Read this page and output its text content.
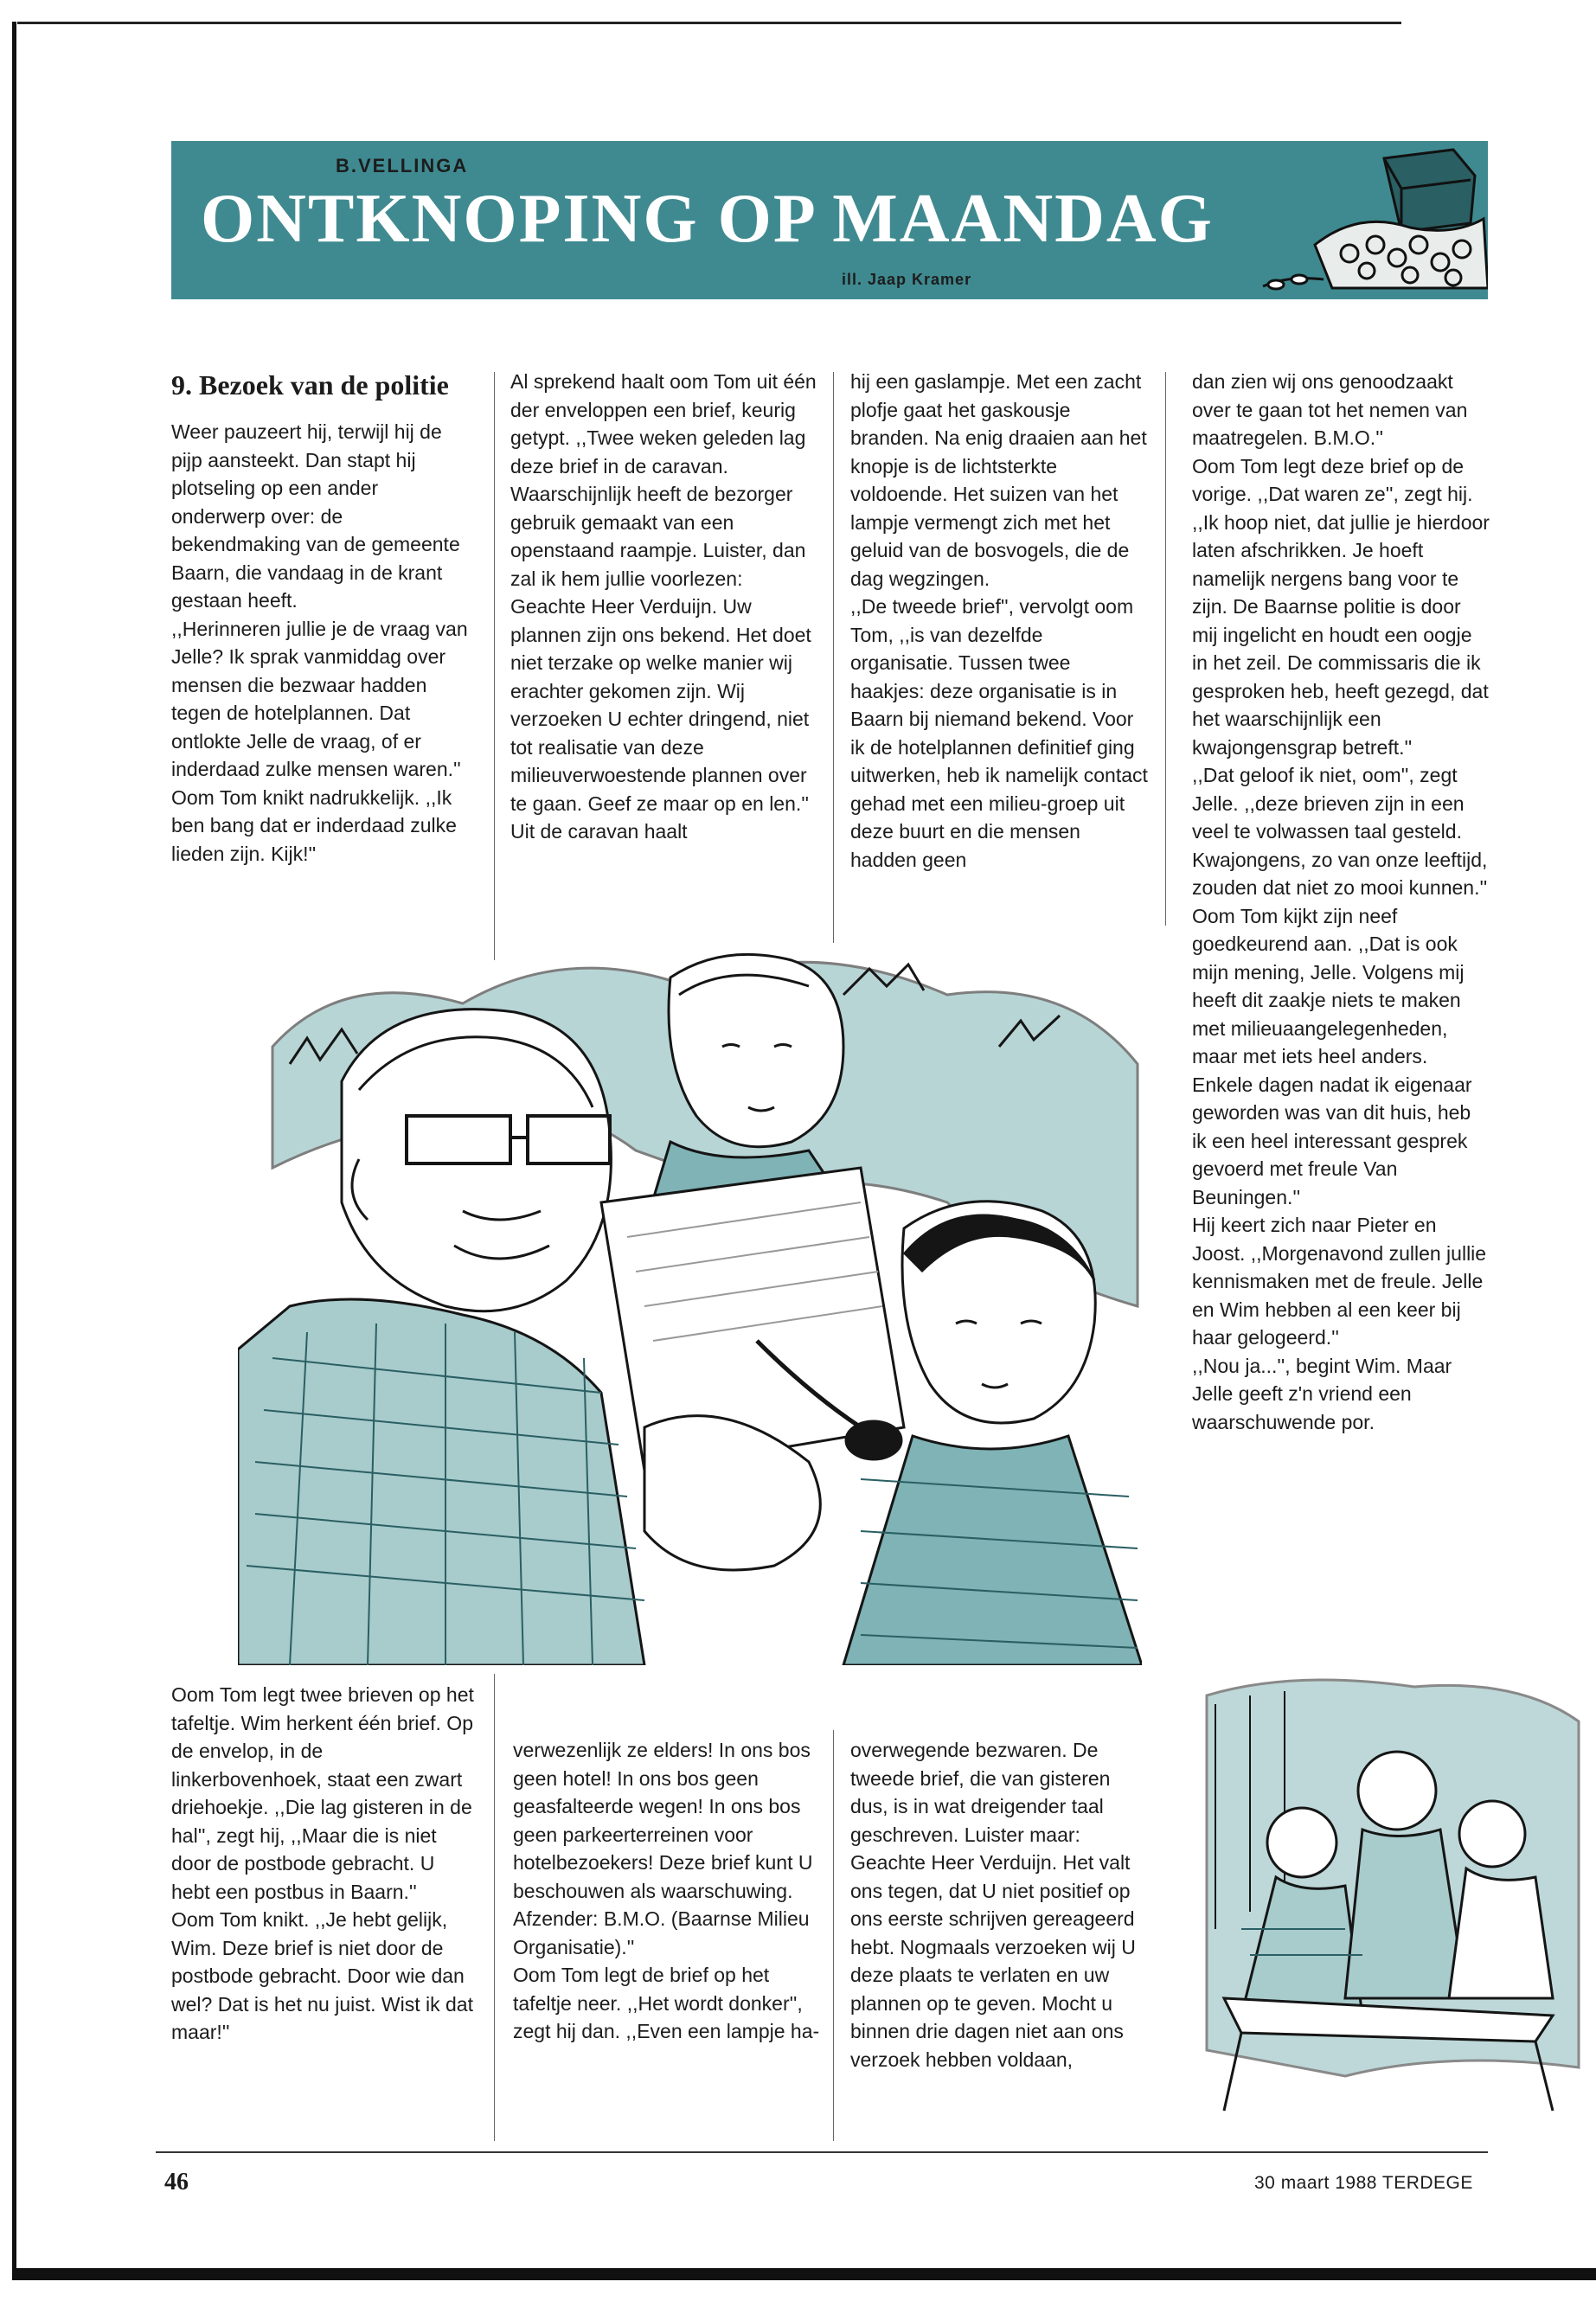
B.VELLINGA
ONTKNOPING OP MAANDAG
ill. Jaap Kramer
9. Bezoek van de politie

Weer pauzeert hij, terwijl hij de pijp aansteekt. Dan stapt hij plotseling op een ander onderwerp over: de bekendmaking van de gemeente Baarn, die vandaag in de krant gestaan heeft.
,,Herinneren jullie je de vraag van Jelle? Ik sprak vanmiddag over mensen die bezwaar hadden tegen de hotelplannen. Dat ontlokte Jelle de vraag, of er inderdaad zulke mensen waren.'' Oom Tom knikt nadrukkelijk. ,,Ik ben bang dat er inderdaad zulke lieden zijn. Kijk!''

Al sprekend haalt oom Tom uit één der enveloppen een brief, keurig getypt. ,,Twee weken geleden lag deze brief in de caravan. Waarschijnlijk heeft de bezorger gebruik gemaakt van een openstaand raampje. Luister, dan zal ik hem jullie voorlezen: Geachte Heer Verduijn. Uw plannen zijn ons bekend. Het doet niet terzake op welke manier wij erachter gekomen zijn. Wij verzoeken U echter dringend, niet tot realisatie van deze milieuverwoestende plannen over te gaan. Geef ze maar op en len.'' Uit de caravan haalt

hij een gaslampje. Met een zacht plofje gaat het gaskousje branden. Na enig draaien aan het knopje is de lichtsterkte voldoende. Het suizen van het lampje vermengt zich met het geluid van de bosvogels, die de dag wegzingen.
,,De tweede brief'', vervolgt oom Tom, ,,is van dezelfde organisatie. Tussen twee haakjes: deze organisatie is in Baarn bij niemand bekend. Voor ik de hotelplannen definitief ging uitwerken, heb ik namelijk contact gehad met een milieu-groep uit deze buurt en die mensen hadden geen

dan zien wij ons genoodzaakt over te gaan tot het nemen van maatregelen. B.M.O.''
Oom Tom legt deze brief op de vorige. ,,Dat waren ze'', zegt hij. ,,Ik hoop niet, dat jullie je hierdoor laten afschrikken. Je hoeft namelijk nergens bang voor te zijn. De Baarnse politie is door mij ingelicht en houdt een oogje in het zeil. De commissaris die ik gesproken heb, heeft gezegd, dat het waarschijnlijk een kwajongensgrap betreft.''
,,Dat geloof ik niet, oom'', zegt Jelle. ,,deze brieven zijn in een veel te volwassen taal gesteld. Kwajongens, zo van onze leeftijd, zouden dat niet zo mooi kunnen.''
Oom Tom kijkt zijn neef goedkeurend aan. ,,Dat is ook mijn mening, Jelle. Volgens mij heeft dit zaakje niets te maken met milieuaangelegenheden, maar met iets heel anders. Enkele dagen nadat ik eigenaar geworden was van dit huis, heb ik een heel interessant gesprek gevoerd met freule Van Beuningen.''
Hij keert zich naar Pieter en Joost. ,,Morgenavond zullen jullie kennismaken met de freule. Jelle en Wim hebben al een keer bij haar gelogeerd.''
,,Nou ja...'', begint Wim. Maar Jelle geeft z'n vriend een waarschuwende por.

Oom Tom legt twee brieven op het tafeltje. Wim herkent één brief. Op de envelop, in de linkerbovenhoek, staat een zwart driehoekje. ,,Die lag gisteren in de hal'', zegt hij, ,,Maar die is niet door de postbode gebracht. U hebt een postbus in Baarn.''
Oom Tom knikt. ,,Je hebt gelijk, Wim. Deze brief is niet door de postbode gebracht. Door wie dan wel? Dat is het nu juist. Wist ik dat maar!''

verwezenlijk ze elders! In ons bos geen hotel! In ons bos geen geasfalteerde wegen! In ons bos geen parkeerterreinen voor hotelbezoekers! Deze brief kunt U beschouwen als waarschuwing. Afzender: B.M.O. (Baarnse Milieu Organisatie).''
Oom Tom legt de brief op het tafeltje neer. ,,Het wordt donker'', zegt hij dan. ,,Even een lampje ha-

overwegende bezwaren. De tweede brief, die van gisteren dus, is in wat dreigender taal geschreven. Luister maar: Geachte Heer Verduijn. Het valt ons tegen, dat U niet positief op ons eerste schrijven gereageerd hebt. Nogmaals verzoeken wij U deze plaats te verlaten en uw plannen op te geven. Mocht u binnen drie dagen niet aan ons verzoek hebben voldaan,

46	30 maart 1988 TERDEGE
